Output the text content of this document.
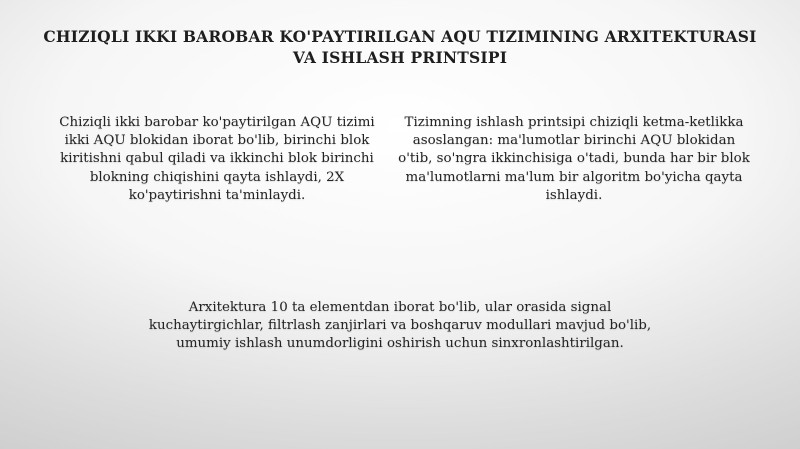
CHIZIQLI IKKI BAROBAR KO'PAYTIRILGAN AQU TIZIMINING ARXITEKTURASI VA ISHLASH PRINTSIPI
Chiziqli ikki barobar ko'paytirilgan AQU tizimi ikki AQU blokidan iborat bo'lib, birinchi blok kiritishni qabul qiladi va ikkinchi blok birinchi blokning chiqishini qayta ishlaydi, 2X ko'paytirishni ta'minlaydi.
Tizimning ishlash printsipi chiziqli ketma-ketlikka asoslangan: ma'lumotlar birinchi AQU blokidan o'tib, so'ngra ikkinchisiga o'tadi, bunda har bir blok ma'lumotlarni ma'lum bir algoritm bo'yicha qayta ishlaydi.
Arxitektura 10 ta elementdan iborat bo'lib, ular orasida signal kuchaytirgichlar, filtrlash zanjirlari va boshqaruv modullari mavjud bo'lib, umumiy ishlash unumdorligini oshirish uchun sinxronlashtirilgan.
